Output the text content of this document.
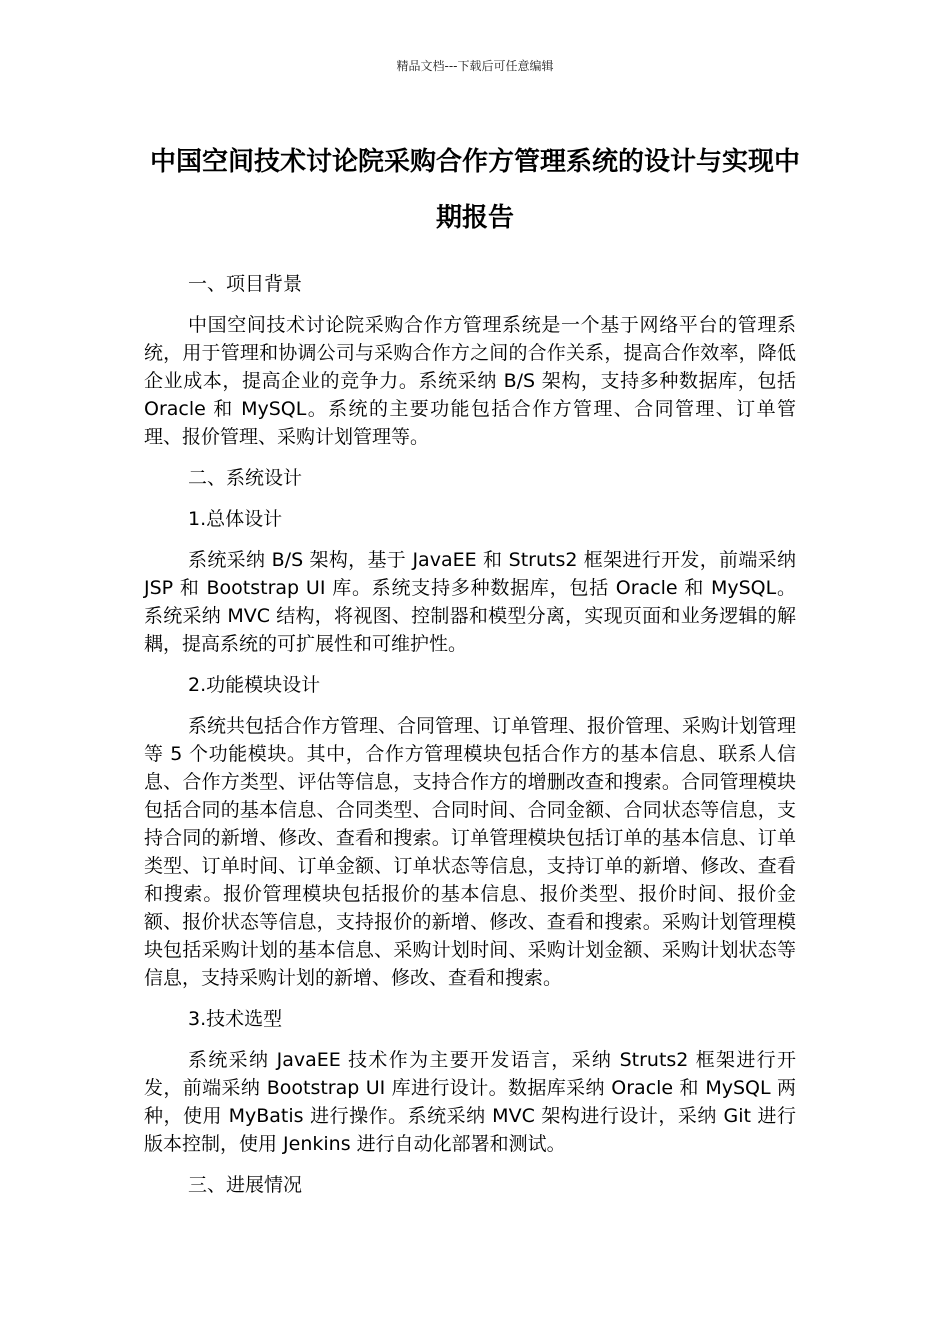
精品文档---下载后可任意编辑
中国空间技术讨论院采购合作方管理系统的设计与实现中期报告

一、项目背景

中国空间技术讨论院采购合作方管理系统是一个基于网络平台的管理系统，用于管理和协调公司与采购合作方之间的合作关系，提高合作效率，降低企业成本，提高企业的竞争力。系统采纳 B/S 架构，支持多种数据库，包括 Oracle 和 MySQL。系统的主要功能包括合作方管理、合同管理、订单管理、报价管理、采购计划管理等。

二、系统设计

1.总体设计

系统采纳 B/S 架构，基于 JavaEE 和 Struts2 框架进行开发，前端采纳 JSP 和 Bootstrap UI 库。系统支持多种数据库，包括 Oracle 和 MySQL。系统采纳 MVC 结构，将视图、控制器和模型分离，实现页面和业务逻辑的解耦，提高系统的可扩展性和可维护性。

2.功能模块设计

系统共包括合作方管理、合同管理、订单管理、报价管理、采购计划管理等 5 个功能模块。其中，合作方管理模块包括合作方的基本信息、联系人信息、合作方类型、评估等信息，支持合作方的增删改查和搜索。合同管理模块包括合同的基本信息、合同类型、合同时间、合同金额、合同状态等信息，支持合同的新增、修改、查看和搜索。订单管理模块包括订单的基本信息、订单类型、订单时间、订单金额、订单状态等信息，支持订单的新增、修改、查看和搜索。报价管理模块包括报价的基本信息、报价类型、报价时间、报价金额、报价状态等信息，支持报价的新增、修改、查看和搜索。采购计划管理模块包括采购计划的基本信息、采购计划时间、采购计划金额、采购计划状态等信息，支持采购计划的新增、修改、查看和搜索。

3.技术选型

系统采纳 JavaEE 技术作为主要开发语言，采纳 Struts2 框架进行开发，前端采纳 Bootstrap UI 库进行设计。数据库采纳 Oracle 和 MySQL 两种，使用 MyBatis 进行操作。系统采纳 MVC 架构进行设计，采纳 Git 进行版本控制，使用 Jenkins 进行自动化部署和测试。

三、进展情况
